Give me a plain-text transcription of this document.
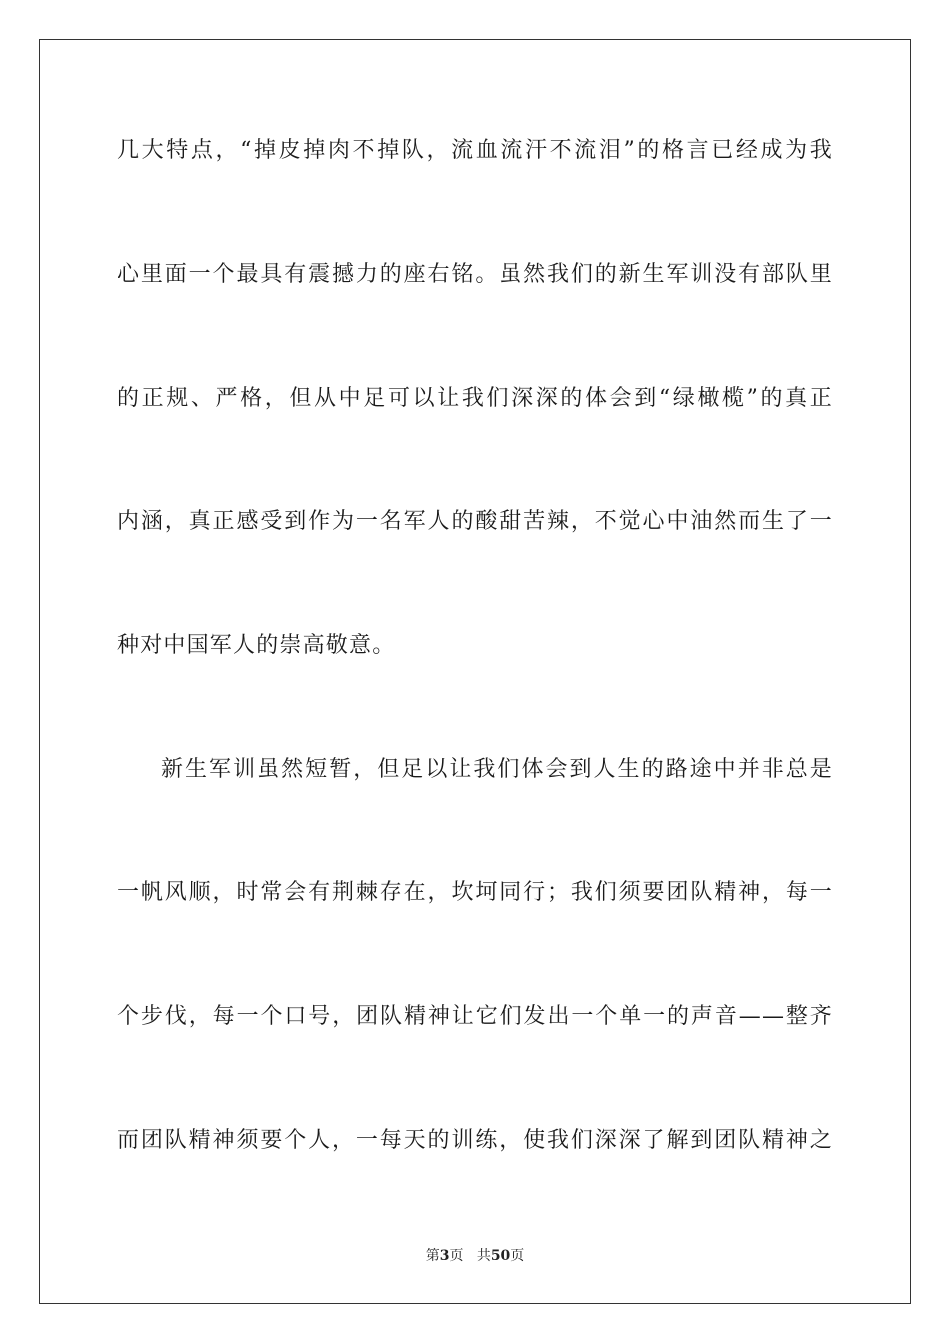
几大特点，“掉皮掉肉不掉队，流血流汗不流泪”的格言已经成为我
心里面一个最具有震撼力的座右铭。虽然我们的新生军训没有部队里
的正规、严格，但从中足可以让我们深深的体会到“绿橄榄”的真正
内涵，真正感受到作为一名军人的酸甜苦辣，不觉心中油然而生了一
种对中国军人的崇高敬意。
新生军训虽然短暂，但足以让我们体会到人生的路途中并非总是
一帆风顺，时常会有荆棘存在，坎坷同行；我们须要团队精神，每一
个步伐，每一个口号，团队精神让它们发出一个单一的声音——整齐
而团队精神须要个人，一每天的训练，使我们深深了解到团队精神之
第3页 共50页
